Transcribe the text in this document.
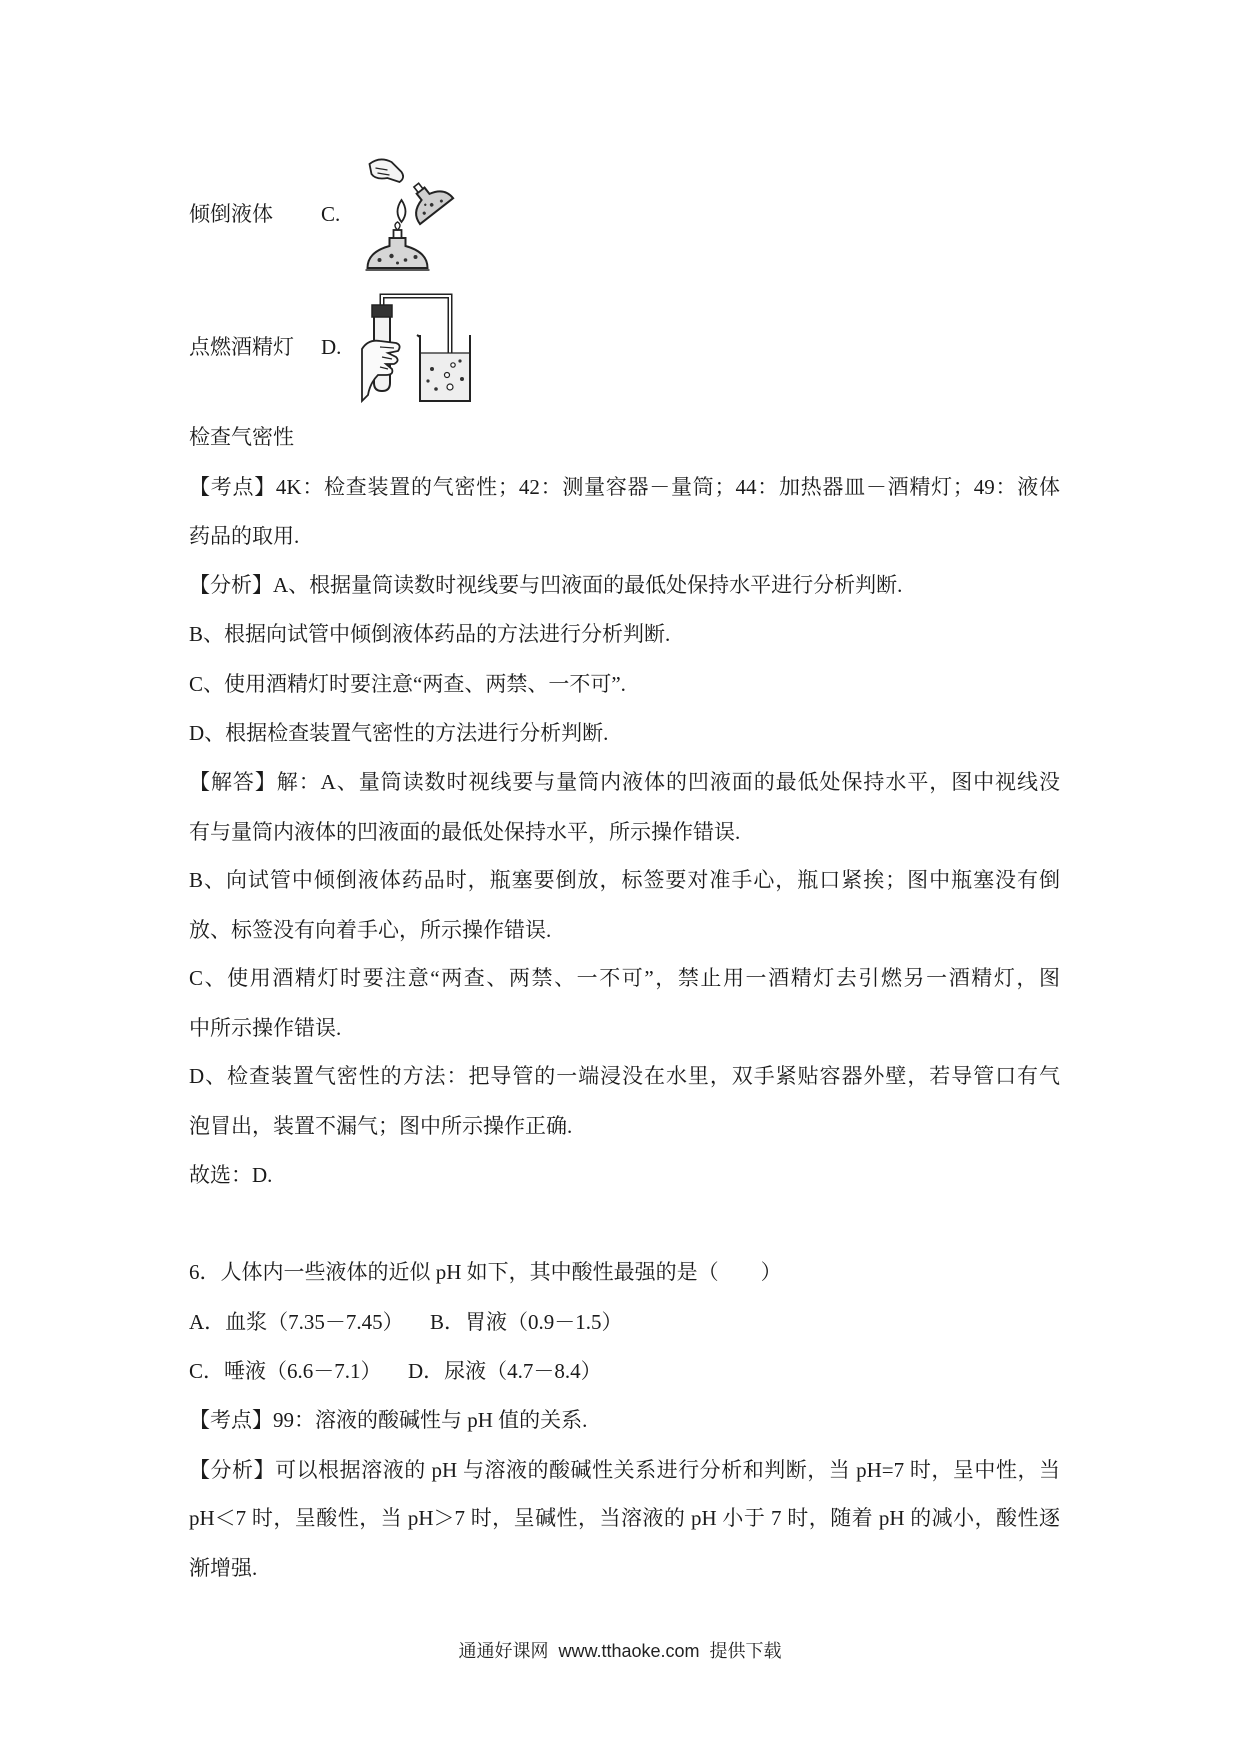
倾倒液体 C.
点燃酒精灯 D.
检查气密性
【考点】4K：检查装置的气密性；42：测量容器－量筒；44：加热器皿－酒精灯；49：液体
药品的取用.
【分析】A、根据量筒读数时视线要与凹液面的最低处保持水平进行分析判断.
B、根据向试管中倾倒液体药品的方法进行分析判断.
C、使用酒精灯时要注意“两查、两禁、一不可”.
D、根据检查装置气密性的方法进行分析判断.
【解答】解：A、量筒读数时视线要与量筒内液体的凹液面的最低处保持水平，图中视线没
有与量筒内液体的凹液面的最低处保持水平，所示操作错误.
B、向试管中倾倒液体药品时，瓶塞要倒放，标签要对准手心，瓶口紧挨；图中瓶塞没有倒
放、标签没有向着手心，所示操作错误.
C、使用酒精灯时要注意“两查、两禁、一不可”，禁止用一酒精灯去引燃另一酒精灯，图
中所示操作错误.
D、检查装置气密性的方法：把导管的一端浸没在水里，双手紧贴容器外壁，若导管口有气
泡冒出，装置不漏气；图中所示操作正确.
故选：D.
6．人体内一些液体的近似 pH 如下，其中酸性最强的是（　　）
A．血浆（7.35－7.45） B．胃液（0.9－1.5）
C．唾液（6.6－7.1） D．尿液（4.7－8.4）
【考点】99：溶液的酸碱性与 pH 值的关系.
【分析】可以根据溶液的 pH 与溶液的酸碱性关系进行分析和判断，当 pH=7 时，呈中性，当
pH＜7 时，呈酸性，当 pH＞7 时，呈碱性，当溶液的 pH 小于 7 时，随着 pH 的减小，酸性逐
渐增强.
通通好课网  www.tthaoke.com  提供下载
